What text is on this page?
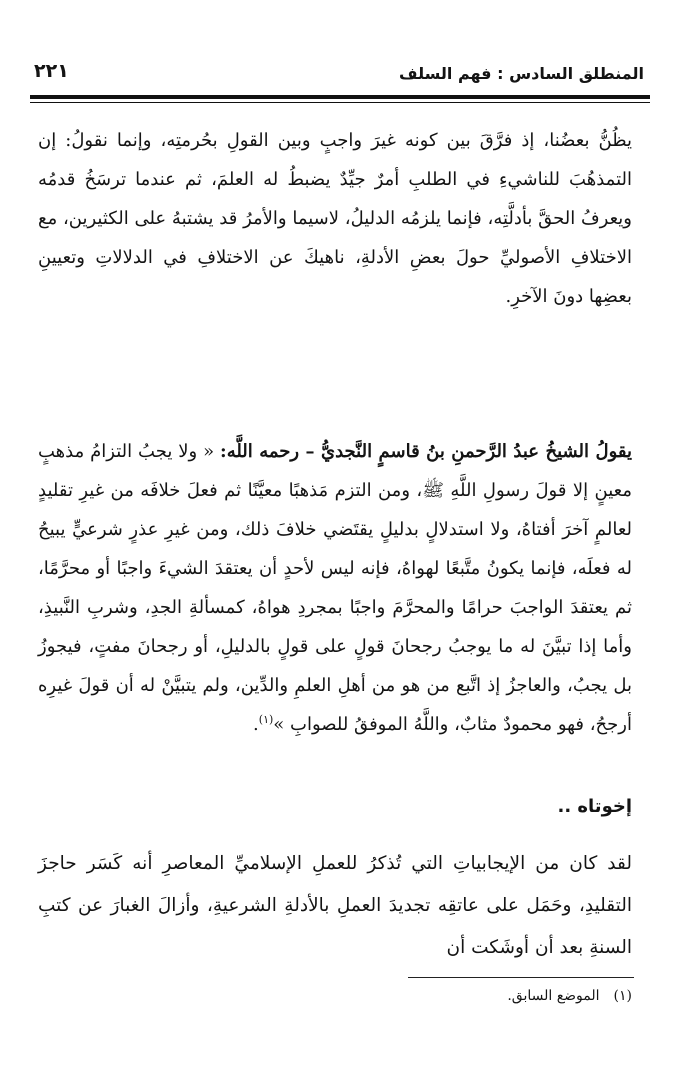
المنطلق السادس : فهم السلف
٢٢١

يظُنُّ بعضُنا، إذ فرَّقَ بين كونه غيرَ واجبٍ وبين القولِ بحُرمتِه، وإنما نقولُ: إن التمذهُبَ للناشيءِ في الطلبِ أمرٌ جيِّدٌ يضبطُ له العلمَ، ثم عندما ترسَخُ قدمُه ويعرفُ الحقَّ بأدلَّتِه، فإنما يلزمُه الدليلُ، لاسيما والأمرُ قد يشتبهُ على الكثيرين، مع الاختلافِ الأصوليِّ حولَ بعضِ الأدلةِ، ناهيكَ عن الاختلافِ في الدلالاتِ وتعيينِ بعضِها دونَ الآخرِ.

يقولُ الشيخُ عبدُ الرَّحمنِ بنُ قاسمٍ النَّجديُّ – رحمه اللَّه: « ولا يجبُ التزامُ مذهبٍ معينٍ إلا قولَ رسولِ اللَّهِ ﷺ، ومن التزم مَذهبًا معيَّنًا ثم فعلَ خلافَه من غيرِ تقليدٍ لعالمٍ آخرَ أفتاهُ، ولا استدلالٍ بدليلٍ يقتَضي خلافَ ذلك، ومن غيرِ عذرٍ شرعيٍّ يبيحُ له فعلَه، فإنما يكونُ متَّبعًا لهواهُ، فإنه ليس لأحدٍ أن يعتقدَ الشيءَ واجبًا أو محرَّمًا، ثم يعتقدَ الواجبَ حرامًا والمحرَّمَ واجبًا بمجردِ هواهُ، كمسألةِ الجدِ، وشربِ النَّبيذِ، وأما إذا تبيَّنَ له ما يوجبُ رجحانَ قولٍ على قولٍ بالدليلِ، أو رجحانَ مفتٍ، فيجوزُ بل يجبُ، والعاجزُ إذ اتَّبع من هو من أهلِ العلمِ والدِّين، ولم يتبيَّنْ له أن قولَ غيرِه أرجحُ، فهو محمودٌ مثابٌ، واللَّهُ الموفقُ للصوابِ »$^{(١)}$.

إخوتاه ..

لقد كان من الإيجابياتِ التي تُذكرُ للعملِ الإسلاميِّ المعاصرِ أنه كَسَر حاجزَ التقليدِ، وحَمَل على عاتقِه تجديدَ العملِ بالأدلةِ الشرعيةِ، وأزالَ الغبارَ عن كتبِ السنةِ بعد أن أوشَكت أن

(١)الموضع السابق.
